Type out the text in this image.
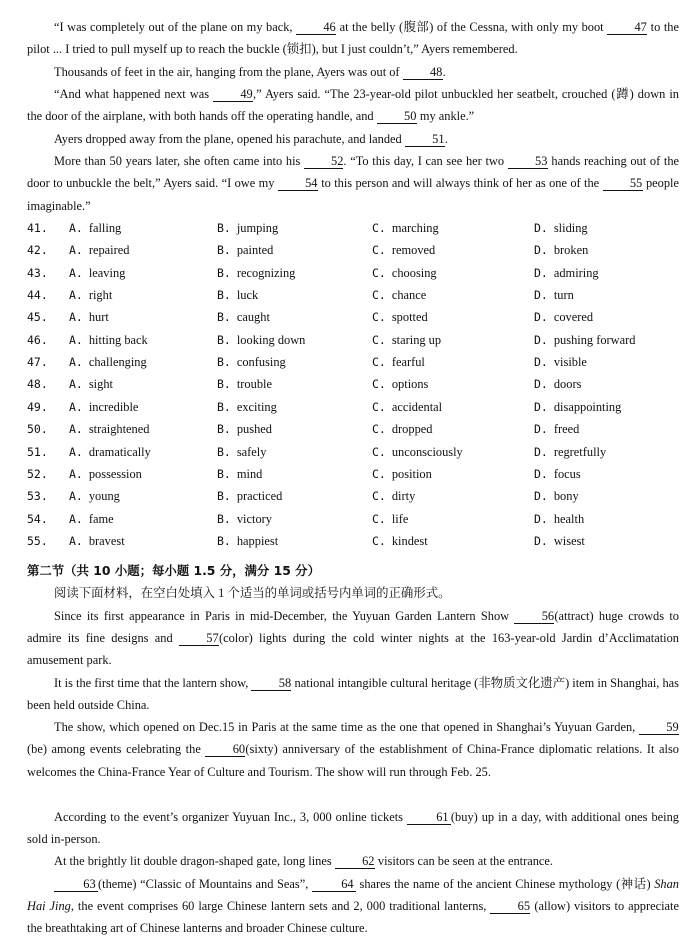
“I was completely out of the plane on my back, 46 at the belly (腹部) of the Cessna, with only my boot 47 to the pilot ... I tried to pull myself up to reach the buckle (锁扣), but I just couldn’t,” Ayers remembered.
Thousands of feet in the air, hanging from the plane, Ayers was out of 48.
“And what happened next was 49,” Ayers said. “The 23-year-old pilot unbuckled her seatbelt, crouched (蹲) down in the door of the airplane, with both hands off the operating handle, and 50 my ankle.”
Ayers dropped away from the plane, opened his parachute, and landed 51.
More than 50 years later, she often came into his 52. “To this day, I can see her two 53 hands reaching out of the door to unbuckle the belt,” Ayers said. “I owe my 54 to this person and will always think of her as one of the 55 people imaginable.”
41. A. falling	B. jumping	C. marching	D. sliding
42. A. repaired	B. painted	C. removed	D. broken
43. A. leaving	B. recognizing	C. choosing	D. admiring
44. A. right	B. luck	C. chance	D. turn
45. A. hurt	B. caught	C. spotted	D. covered
46. A. hitting back	B. looking down	C. staring up	D. pushing forward
47. A. challenging	B. confusing	C. fearful	D. visible
48. A. sight	B. trouble	C. options	D. doors
49. A. incredible	B. exciting	C. accidental	D. disappointing
50. A. straightened	B. pushed	C. dropped	D. freed
51. A. dramatically	B. safely	C. unconsciously	D. regretfully
52. A. possession	B. mind	C. position	D. focus
53. A. young	B. practiced	C. dirty	D. bony
54. A. fame	B. victory	C. life	D. health
55. A. bravest	B. happiest	C. kindest	D. wisest
第二节（共 10 小题；每小题 1.5 分，满分 15 分）
阅读下面材料，在空白处填入 1 个适当的单词或括号内单词的正确形式。
Since its first appearance in Paris in mid-December, the Yuyuan Garden Lantern Show 56(attract) huge crowds to admire its fine designs and 57(color) lights during the cold winter nights at the 163-year-old Jardin d’Acclimatation amusement park.
It is the first time that the lantern show, 58 national intangible cultural heritage (非物质文化遗产) item in Shanghai, has been held outside China.
The show, which opened on Dec.15 in Paris at the same time as the one that opened in Shanghai’s Yuyuan Garden, 59(be) among events celebrating the 60(sixty) anniversary of the establishment of China-France diplomatic relations. It also welcomes the China-France Year of Culture and Tourism. The show will run through Feb. 25.
According to the event’s organizer Yuyuan Inc., 3, 000 online tickets 61 (buy) up in a day, with additional ones being sold in-person.
At the brightly lit double dragon-shaped gate, long lines 62 visitors can be seen at the entrance.
63 (theme) “Classic of Mountains and Seas”, 64 shares the name of the ancient Chinese mythology (神话) Shan Hai Jing, the event comprises 60 large Chinese lantern sets and 2, 000 traditional lanterns, 65 (allow) visitors to appreciate the breathtaking art of Chinese lanterns and broader Chinese culture.
